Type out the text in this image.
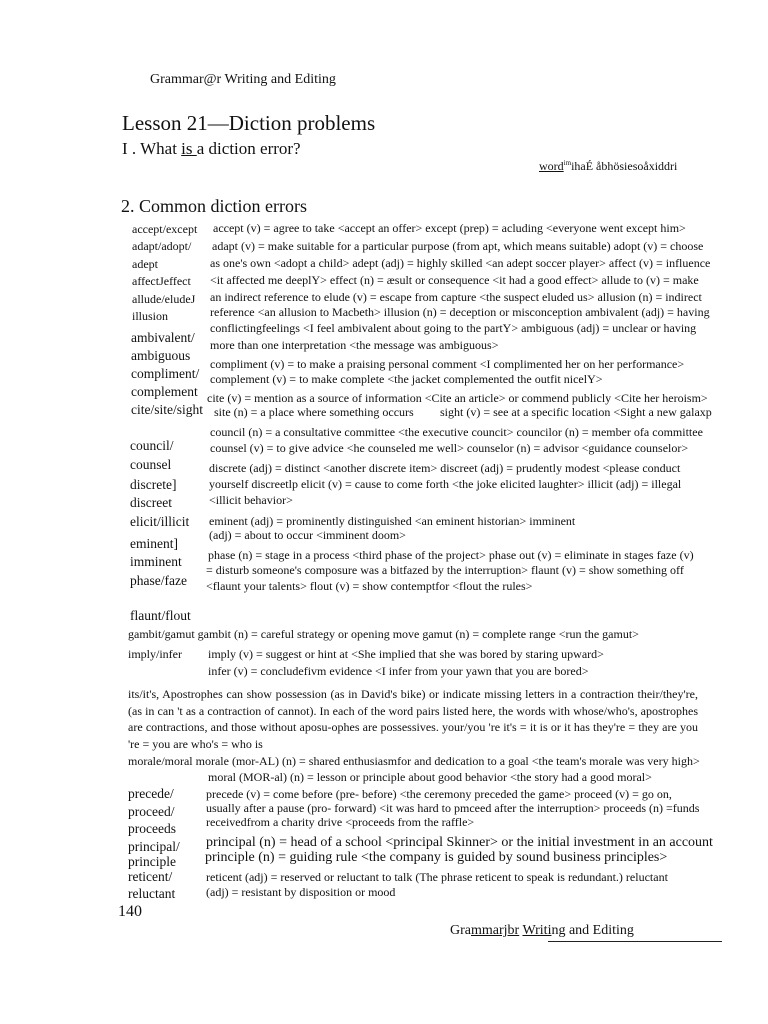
Grammar@r Writing and Editing
Lesson 21—Diction problems
I . What is a diction error?
word$^{im}$ihaÉ åbhösiesoåxiddri
2. Common diction errors
accept/except
adapt/adopt/
adept
affectJeffect
allude/eludeJ
illusion
ambivalent/
ambiguous
compliment/
complement
cite/site/sight
council/
counsel
discrete]
discreet
elicit/illicit
eminent]
imminent
phase/faze
flaunt/flout
precede/
proceed/
proceeds
principal/
principle
reticent/
reluctant
accept (v) = agree to take <accept an offer> except (prep) = acluding <everyone went except him>
adapt (v) = make suitable for a particular purpose (from apt, which means suitable) adopt (v) = choose
as one's own <adopt a child> adept (adj) = highly skilled <an adept soccer player> affect (v) = influence
<it affected me deeplY> effect (n) = æsult or consequence <it had a good effect> allude to (v) = make
an indirect reference to elude (v) = escape from capture <the suspect eluded us> allusion (n) = indirect
reference <an allusion to Macbeth> illusion (n) = deception or misconception ambivalent (adj) = having
conflictingfeelings <I feel ambivalent about going to the partY> ambiguous (adj) = unclear or having
more than one interpretation <the message was ambiguous>
compliment (v) = to make a praising personal comment <I complimented her on her performance>
complement (v) = to make complete <the jacket complemented the outfit nicelY>
cite (v) = mention as a source of information <Cite an article> or commend publicly <Cite her heroism>
site (n) = a place where something occurs sight (v) = see at a specific location <Sight a new galaxp
council (n) = a consultative committee <the executive councit> councilor (n) = member ofa committee
counsel (v) = to give advice <he counseled me well> counselor (n) = advisor <guidance counselor>
discrete (adj) = distinct <another discrete item> discreet (adj) = prudently modest <please conduct
yourself discreetlp elicit (v) = cause to come forth <the joke elicited laughter> illicit (adj) = illegal
<illicit behavior>
eminent (adj) = prominently distinguished <an eminent historian> imminent
(adj) = about to occur <imminent doom>
phase (n) = stage in a process <third phase of the project> phase out (v) = eliminate in stages faze (v)
= disturb someone's composure was a bitfazed by the interruption> flaunt (v) = show something off
<flaunt your talents> flout (v) = show contemptfor <flout the rules>
gambit/gamut gambit (n) = careful strategy or opening move gamut (n) = complete range <run the gamut>
imply/infer imply (v) = suggest or hint at <She implied that she was bored by staring upward>
infer (v) = concludefivm evidence <I infer from your yawn that you are bored>
its/it's, Apostrophes can show possession (as in David's bike) or indicate missing letters in a contraction their/they're, (as in can 't as a contraction of cannot). In each of the word pairs listed here, the words with whose/who's, apostrophes are contractions, and those without aposu-ophes are possessives. your/you 're it's = it is or it has they're = they are you 're = you are who's = who is
morale/moral morale (mor-AL) (n) = shared enthusiasmfor and dedication to a goal <the team's morale was very high>
moral (MOR-al) (n) = lesson or principle about good behavior <the story had a good moral>
precede (v) = come before (pre- before) <the ceremony preceded the game> proceed (v) = go on,
usually after a pause (pro- forward) <it was hard to pmceed after the interruption> proceeds (n) =funds
receivedfrom a charity drive <proceeds from the raffle>
principal (n) = head of a school <principal Skinner> or the initial investment in an account
principle (n) = guiding rule <the company is guided by sound business principles>
reticent (adj) = reserved or reluctant to talk (The phrase reticent to speak is redundant.) reluctant
(adj) = resistant by disposition or mood
140
Grammarjbr Writing and Editing
